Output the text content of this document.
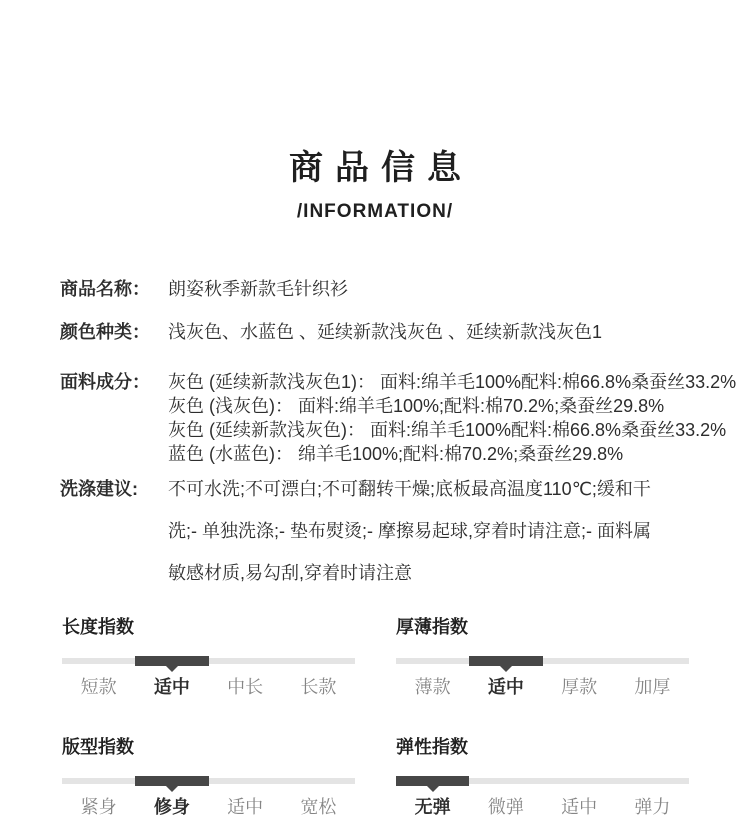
商品信息
/INFORMATION/
商品名称：	朗姿秋季新款毛针织衫
颜色种类：	浅灰色、水蓝色 、延续新款浅灰色 、延续新款浅灰色1
面料成分：	灰色 (延续新款浅灰色1)： 面料:绵羊毛100%配料:棉66.8%桑蚕丝33.2%
灰色 (浅灰色)： 面料:绵羊毛100%;配料:棉70.2%;桑蚕丝29.8%
灰色 (延续新款浅灰色)： 面料:绵羊毛100%配料:棉66.8%桑蚕丝33.2%
蓝色 (水蓝色)： 绵羊毛100%;配料:棉70.2%;桑蚕丝29.8%
洗涤建议:	不可水洗;不可漂白;不可翻转干燥;底板最高温度110℃;缓和干
洗;- 单独洗涤;- 垫布熨烫;- 摩擦易起球,穿着时请注意;- 面料属
敏感材质,易勾刮,穿着时请注意
长度指数
短款	适中	中长	长款
厚薄指数
薄款	适中	厚款	加厚
版型指数
紧身	修身	适中	宽松
弹性指数
无弹	微弹	适中	弹力
